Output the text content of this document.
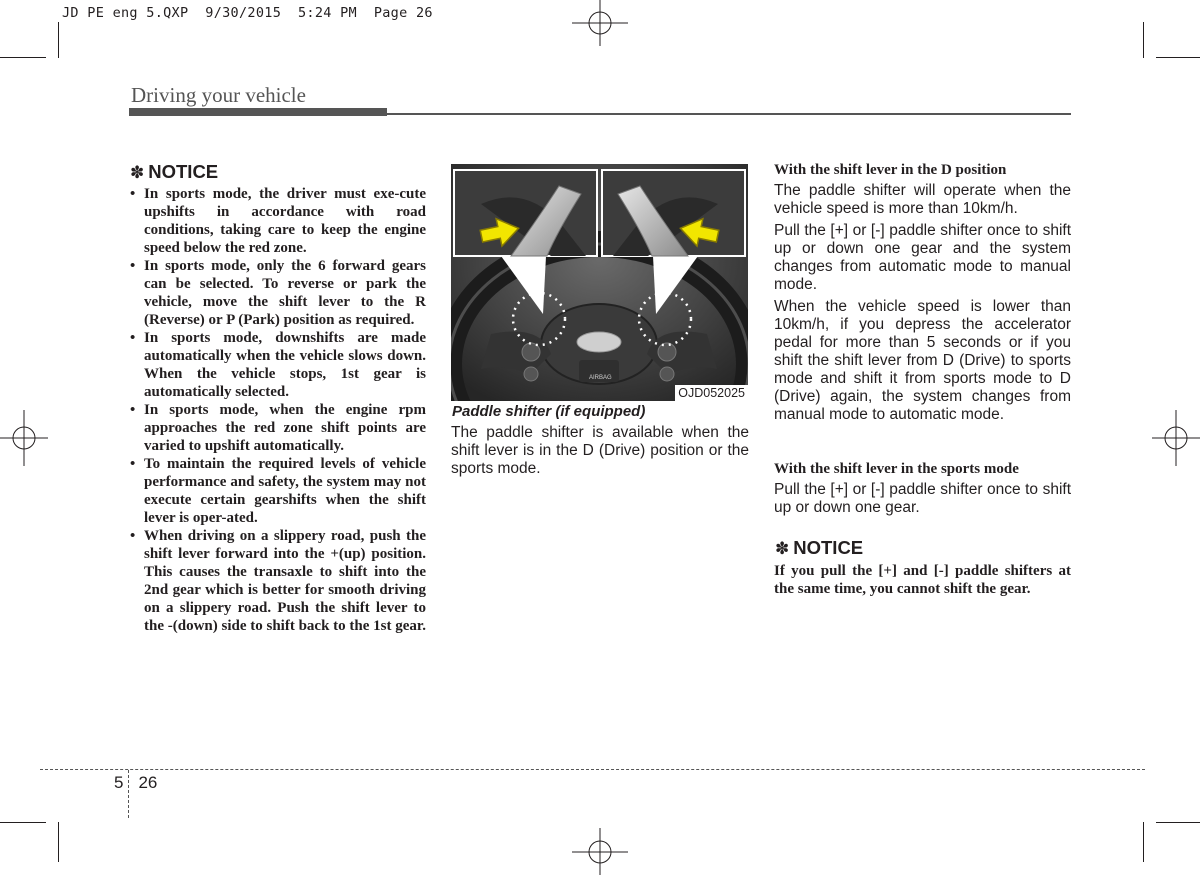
JD PE eng 5.QXP  9/30/2015  5:24 PM  Page 26
Driving your vehicle
✽ NOTICE
• In sports mode, the driver must exe-cute upshifts in accordance with road conditions, taking care to keep the engine speed below the red zone.
• In sports mode, only the 6 forward gears can be selected. To reverse or park the vehicle, move the shift lever to the R (Reverse) or P (Park) position as required.
• In sports mode, downshifts are made automatically when the vehicle slows down. When the vehicle stops, 1st gear is automatically selected.
• In sports mode, when the engine rpm approaches the red zone shift points are varied to upshift automatically.
• To maintain the required levels of vehicle performance and safety, the system may not execute certain gearshifts when the shift lever is oper-ated.
• When driving on a slippery road, push the shift lever forward into the +(up) position. This causes the transaxle to shift into the 2nd gear which is better for smooth driving on a slippery road. Push the shift lever to the -(down) side to shift back to the 1st gear.
AIRBAG
OJD052025
Paddle shifter (if equipped)

The paddle shifter is available when the shift lever is in the D (Drive) position or the sports mode.

With the shift lever in the D position

The paddle shifter will operate when the vehicle speed is more than 10km/h.

Pull the [+] or [-] paddle shifter once to shift up or down one gear and the system changes from automatic mode to manual mode.

When the vehicle speed is lower than 10km/h, if you depress the accelerator pedal for more than 5 seconds or if you shift the shift lever from D (Drive) to sports mode and shift it from sports mode to D (Drive) again, the system changes from manual mode to automatic mode.

With the shift lever in the sports mode

Pull the [+] or [-] paddle shifter once to shift up or down one gear.

✽ NOTICE

If you pull the [+] and [-] paddle shifters at the same time, you cannot shift the gear.

5 26
